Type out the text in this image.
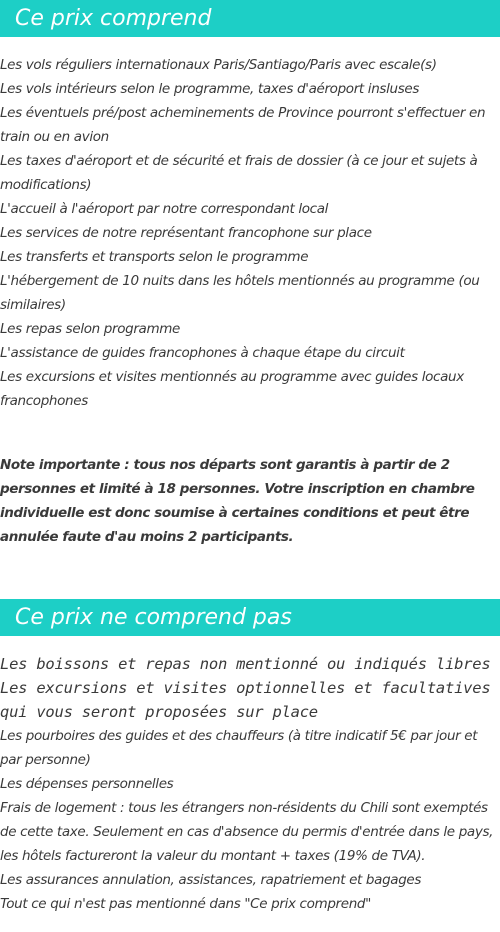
Ce prix comprend
Les vols réguliers internationaux Paris/Santiago/Paris avec escale(s)
Les vols intérieurs selon le programme, taxes d'aéroport insluses
Les éventuels pré/post acheminements de Province pourront s'effectuer en train ou en avion
Les taxes d'aéroport et de sécurité et frais de dossier (à ce jour et sujets à modifications)
L'accueil à l'aéroport par notre correspondant local
Les services de notre représentant francophone sur place
Les transferts et transports selon le programme
L'hébergement de 10 nuits dans les hôtels mentionnés au programme (ou similaires)
Les repas selon programme
L'assistance de guides francophones à chaque étape du circuit
Les excursions et visites mentionnés au programme avec guides locaux francophones

Note importante : tous nos départs sont garantis à partir de 2 personnes et limité à 18 personnes. Votre inscription en chambre individuelle est donc soumise à certaines conditions et peut être annulée faute d'au moins 2 participants.

Ce prix ne comprend pas
Les boissons et repas non mentionné ou indiqués libres
Les excursions et visites optionnelles et facultatives qui vous seront proposées sur place
Les pourboires des guides et des chauffeurs (à titre indicatif 5€ par jour et par personne)
Les dépenses personnelles
Frais de logement : tous les étrangers non-résidents du Chili sont exemptés de cette taxe. Seulement en cas d'absence du permis d'entrée dans le pays, les hôtels factureront la valeur du montant + taxes (19% de TVA).
Les assurances annulation, assistances, rapatriement et bagages
Tout ce qui n'est pas mentionné dans "Ce prix comprend"
